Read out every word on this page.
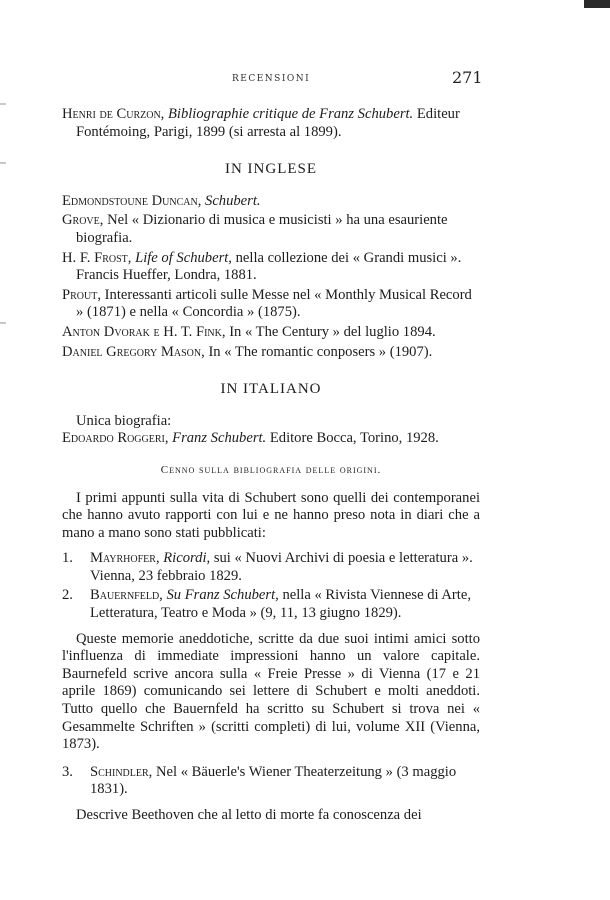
RECENSIONI	271

Henri de Curzon, Bibliographie critique de Franz Schubert. Editeur Fontémoing, Parigi, 1899 (si arresta al 1899).

IN INGLESE

Edmondstoune Duncan, Schubert.

Grove, Nel « Dizionario di musica e musicisti » ha una esauriente biografia.

H. F. Frost, Life of Schubert, nella collezione dei « Grandi musici ». Francis Hueffer, Londra, 1881.

Prout, Interessanti articoli sulle Messe nel « Monthly Musical Record » (1871) e nella « Concordia » (1875).

Anton Dvorak e H. T. Fink, In « The Century » del luglio 1894.

Daniel Gregory Mason, In « The romantic conposers » (1907).

IN ITALIANO

Unica biografia:

Edoardo Roggeri, Franz Schubert. Editore Bocca, Torino, 1928.

Cenno sulla bibliografia delle origini.

I primi appunti sulla vita di Schubert sono quelli dei contemporanei che hanno avuto rapporti con lui e ne hanno preso nota in diari che a mano a mano sono stati pubblicati:

1.	Mayrhofer, Ricordi, sui « Nuovi Archivi di poesia e letteratura ». Vienna, 23 febbraio 1829.
2.	Bauernfeld, Su Franz Schubert, nella « Rivista Viennese di Arte, Letteratura, Teatro e Moda » (9, 11, 13 giugno 1829).

Queste memorie aneddotiche, scritte da due suoi intimi amici sotto l'influenza di immediate impressioni hanno un valore capitale. Baurnefeld scrive ancora sulla « Freie Presse » di Vienna (17 e 21 aprile 1869) comunicando sei lettere di Schubert e molti aneddoti. Tutto quello che Bauernfeld ha scritto su Schubert si trova nei « Gesammelte Schriften » (scritti completi) di lui, volume XII (Vienna, 1873).

3.	Schindler, Nel « Bäuerle's Wiener Theaterzeitung » (3 maggio 1831).

Descrive Beethoven che al letto di morte fa conoscenza dei
